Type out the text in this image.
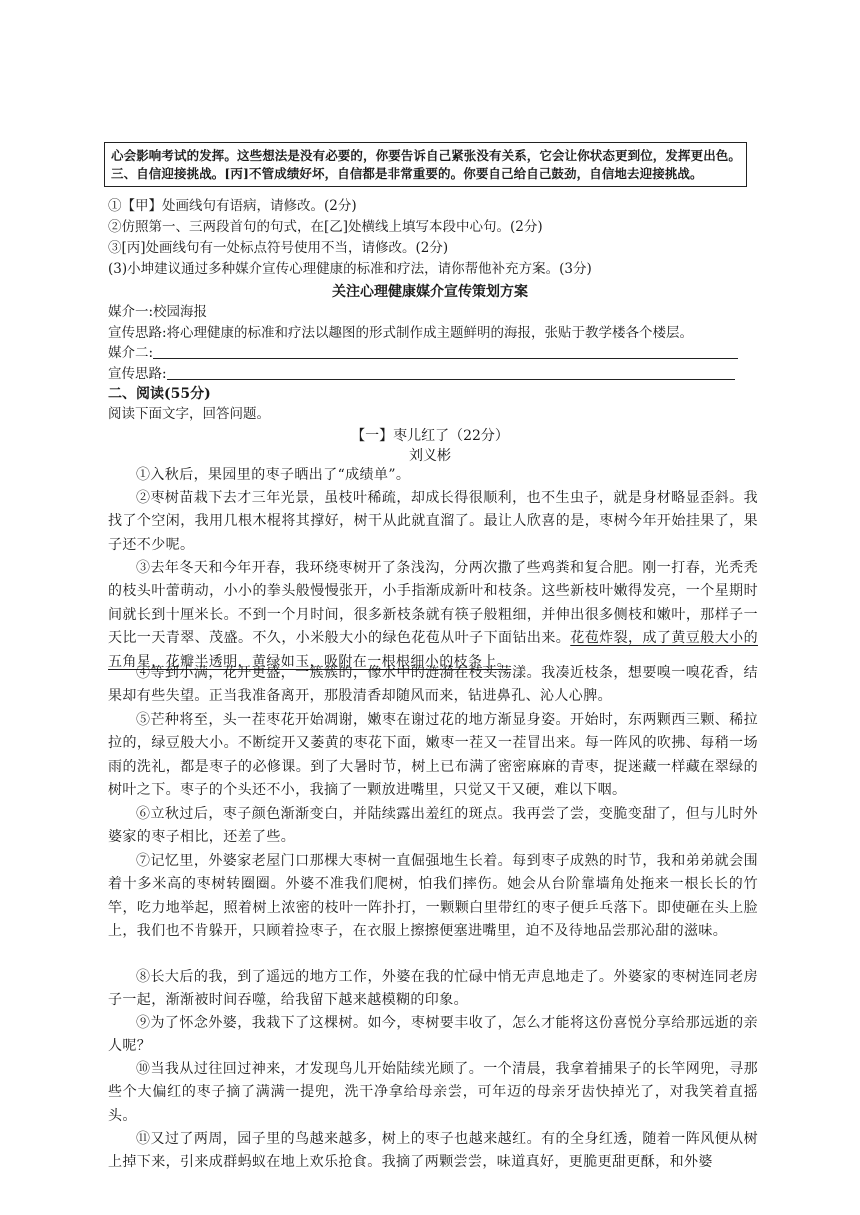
心会影响考试的发挥。这些想法是没有必要的，你要告诉自己紧张没有关系，它会让你状态更到位，发挥更出色。

三、自信迎接挑战。[丙]不管成绩好坏，自信都是非常重要的。你要自己给自己鼓劲，自信地去迎接挑战。

①【甲】处画线句有语病，请修改。(2分)
②仿照第一、三两段首句的句式，在[乙]处横线上填写本段中心句。(2分)
③[丙]处画线句有一处标点符号使用不当，请修改。(2分)
(3)小坤建议通过多种媒介宣传心理健康的标准和疗法，请你帮他补充方案。(3分)
关注心理健康媒介宣传策划方案
媒介一:校园海报
宣传思路:将心理健康的标准和疗法以趣图的形式制作成主题鲜明的海报，张贴于教学楼各个楼层。
媒介二:
宣传思路:
二、阅读(55分)
阅读下面文字，回答问题。
【一】枣儿红了（22分）
刘义彬

①入秋后，果园里的枣子晒出了“成绩单”。

②枣树苗栽下去才三年光景，虽枝叶稀疏，却成长得很顺利，也不生虫子，就是身材略显歪斜。我找了个空闲，我用几根木棍将其撑好，树干从此就直溜了。最让人欣喜的是，枣树今年开始挂果了，果子还不少呢。

③去年冬天和今年开春，我环绕枣树开了条浅沟，分两次撒了些鸡粪和复合肥。刚一打春，光秃秃的枝头叶蕾萌动，小小的拳头般慢慢张开，小手指渐成新叶和枝条。这些新枝叶嫩得发亮，一个星期时间就长到十厘米长。不到一个月时间，很多新枝条就有筷子般粗细，并伸出很多侧枝和嫩叶，那样子一天比一天青翠、茂盛。不久，小米般大小的绿色花苞从叶子下面钻出来。花苞炸裂，成了黄豆般大小的五角星，花瓣半透明，黄绿如玉，吸附在一根根细小的枝条上。

④等到小满，花开更盛，一簇簇的，像水中的涟漪在枝头荡漾。我凑近枝条，想要嗅一嗅花香，结果却有些失望。正当我准备离开，那股清香却随风而来，钻进鼻孔、沁人心脾。

⑤芒种将至，头一茬枣花开始凋谢，嫩枣在谢过花的地方渐显身姿。开始时，东两颗西三颗、稀拉拉的，绿豆般大小。不断绽开又萎黄的枣花下面，嫩枣一茬又一茬冒出来。每一阵风的吹拂、每稍一场雨的洗礼，都是枣子的必修课。到了大暑时节，树上已布满了密密麻麻的青枣，捉迷藏一样藏在翠绿的树叶之下。枣子的个头还不小，我摘了一颗放进嘴里，只觉又干又硬，难以下咽。

⑥立秋过后，枣子颜色渐渐变白，并陆续露出羞红的斑点。我再尝了尝，变脆变甜了，但与儿时外婆家的枣子相比，还差了些。

⑦记忆里，外婆家老屋门口那棵大枣树一直倔强地生长着。每到枣子成熟的时节，我和弟弟就会围着十多米高的枣树转圈圈。外婆不准我们爬树，怕我们摔伤。她会从台阶靠墙角处拖来一根长长的竹竿，吃力地举起，照着树上浓密的枝叶一阵扑打，一颗颗白里带红的枣子便乒乓落下。即使砸在头上脸上，我们也不肯躲开，只顾着捡枣子，在衣服上擦擦便塞进嘴里，迫不及待地品尝那沁甜的滋味。

⑧长大后的我，到了遥远的地方工作，外婆在我的忙碌中悄无声息地走了。外婆家的枣树连同老房子一起，渐渐被时间吞噬，给我留下越来越模糊的印象。

⑨为了怀念外婆，我栽下了这棵树。如今，枣树要丰收了，怎么才能将这份喜悦分享给那远逝的亲人呢？

⑩当我从过往回过神来，才发现鸟儿开始陆续光顾了。一个清晨，我拿着捕果子的长竿网兜，寻那些个大偏红的枣子摘了满满一提兜，洗干净拿给母亲尝，可年迈的母亲牙齿快掉光了，对我笑着直摇头。

⑪又过了两周，园子里的鸟越来越多，树上的枣子也越来越红。有的全身红透，随着一阵风便从树上掉下来，引来成群蚂蚁在地上欢乐抢食。我摘了两颗尝尝，味道真好，更脆更甜更酥，和外婆
